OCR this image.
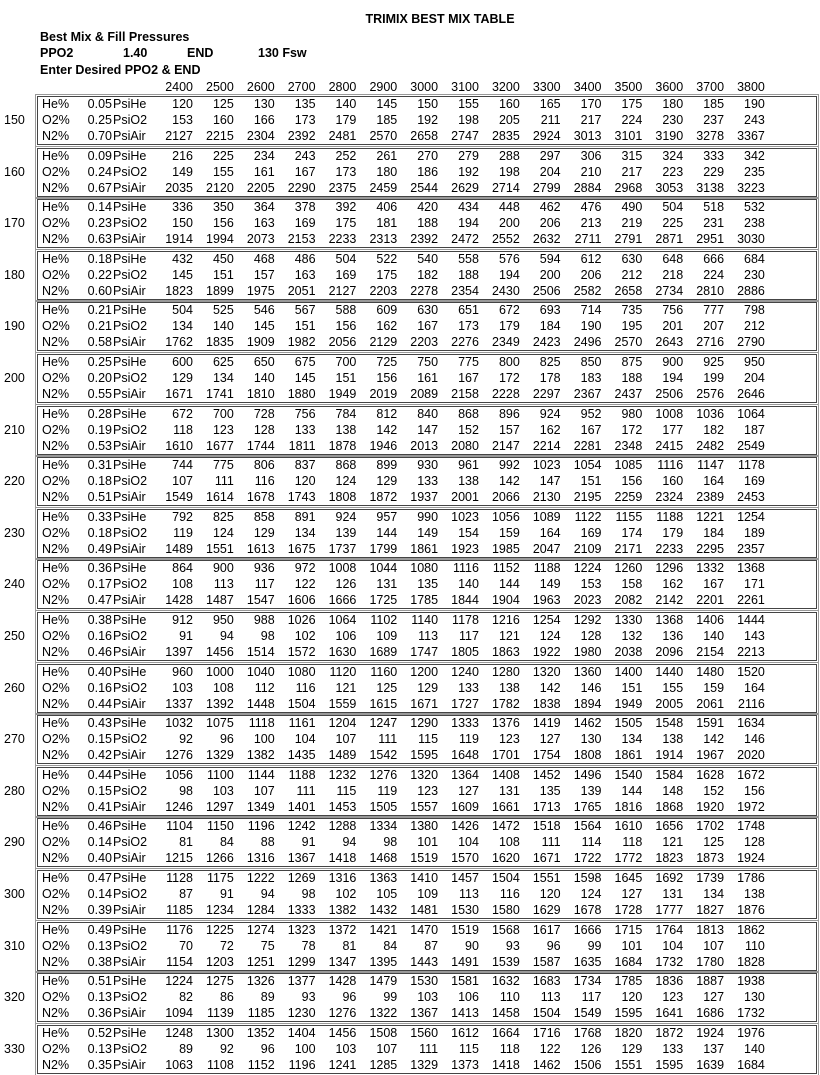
TRIMIX BEST MIX TABLE
Best Mix & Fill Pressures
PPO2	1.40	END	130 Fsw
Enter Desired PPO2 & END
2400 2500 2600 2700 2800 2900 3000 3100 3200 3300 3400 3500 3600 3700 3800
150
He%	0.05 PsiHe	120	125	130	135	140	145	150	155	160	165	170	175	180	185	190
O2%	0.25 PsiO2	153	160	166	173	179	185	192	198	205	211	217	224	230	237	243
N2%	0.70 PsiAir 2127 2215 2304 2392 2481 2570 2658 2747 2835 2924 3013 3101 3190 3278 3367
160
He%	0.09 PsiHe	216	225	234	243	252	261	270	279	288	297	306	315	324	333	342
O2%	0.24 PsiO2	149	155	161	167	173	180	186	192	198	204	210	217	223	229	235
N2%	0.67 PsiAir 2035 2120 2205 2290 2375 2459 2544 2629 2714 2799 2884 2968 3053 3138 3223
170
He%	0.14 PsiHe	336	350	364	378	392	406	420	434	448	462	476	490	504	518	532
O2%	0.23 PsiO2	150	156	163	169	175	181	188	194	200	206	213	219	225	231	238
N2%	0.63 PsiAir 1914 1994 2073 2153 2233 2313 2392 2472 2552 2632 2711 2791 2871 2951 3030
180
He%	0.18 PsiHe	432	450	468	486	504	522	540	558	576	594	612	630	648	666	684
O2%	0.22 PsiO2	145	151	157	163	169	175	182	188	194	200	206	212	218	224	230
N2%	0.60 PsiAir 1823 1899 1975 2051 2127 2203 2278 2354 2430 2506 2582 2658 2734 2810 2886
190
He%	0.21 PsiHe	504	525	546	567	588	609	630	651	672	693	714	735	756	777	798
O2%	0.21 PsiO2	134	140	145	151	156	162	167	173	179	184	190	195	201	207	212
N2%	0.58 PsiAir 1762 1835 1909 1982 2056 2129 2203 2276 2349 2423 2496 2570 2643 2716 2790
200
He%	0.25 PsiHe	600	625	650	675	700	725	750	775	800	825	850	875	900	925	950
O2%	0.20 PsiO2	129	134	140	145	151	156	161	167	172	178	183	188	194	199	204
N2%	0.55 PsiAir 1671 1741 1810 1880 1949 2019 2089 2158 2228 2297 2367 2437 2506 2576 2646
210
He%	0.28 PsiHe	672	700	728	756	784	812	840	868	896	924	952	980 1008 1036 1064
O2%	0.19 PsiO2	118	123	128	133	138	142	147	152	157	162	167	172	177	182	187
N2%	0.53 PsiAir 1610 1677 1744 1811 1878 1946 2013 2080 2147 2214 2281 2348 2415 2482 2549
220
He%	0.31 PsiHe	744	775	806	837	868	899	930	961	992 1023 1054 1085	1116 1147 1178
O2%	0.18 PsiO2	107	111	116	120	124	129	133	138	142	147	151	156	160	164	169
N2%	0.51 PsiAir 1549 1614 1678 1743 1808 1872 1937 2001 2066 2130 2195 2259 2324 2389 2453
230
He%	0.33 PsiHe	792	825	858	891	924	957	990 1023 1056 1089 1122 1155 1188 1221 1254
O2%	0.18 PsiO2	119	124	129	134	139	144	149	154	159	164	169	174	179	184	189
N2%	0.49 PsiAir 1489 1551 1613 1675 1737 1799 1861 1923 1985 2047 2109 2171 2233 2295 2357
240
He%	0.36 PsiHe	864	900	936	972 1008 1044 1080	1116 1152 1188 1224 1260 1296 1332 1368
O2%	0.17 PsiO2	108	113	117	122	126	131	135	140	144	149	153	158	162	167	171
N2%	0.47 PsiAir 1428 1487 1547 1606 1666 1725 1785 1844 1904 1963 2023 2082 2142 2201 2261
250
He%	0.38 PsiHe	912	950	988 1026 1064 1102 1140 1178 1216 1254 1292 1330 1368 1406 1444
O2%	0.16 PsiO2	91	94	98	102	106	109	113	117	121	124	128	132	136	140	143
N2%	0.46 PsiAir 1397 1456 1514 1572 1630 1689 1747 1805 1863 1922 1980 2038 2096 2154 2213
260
He%	0.40 PsiHe	960 1000 1040 1080 1120 1160 1200 1240 1280 1320 1360 1400 1440 1480 1520
O2%	0.16 PsiO2	103	108	112	116	121	125	129	133	138	142	146	151	155	159	164
N2%	0.44 PsiAir 1337 1392 1448 1504 1559 1615 1671 1727 1782 1838 1894 1949 2005 2061 2116
270
He%	0.43 PsiHe 1032 1075	1118 1161 1204 1247 1290 1333 1376 1419 1462 1505 1548 1591 1634
O2%	0.15 PsiO2	92	96	100	104	107	111	115	119	123	127	130	134	138	142	146
N2%	0.42 PsiAir 1276 1329 1382 1435 1489 1542 1595 1648 1701 1754 1808 1861 1914 1967 2020
280
He%	0.44 PsiHe 1056 1100 1144 1188 1232 1276 1320 1364 1408 1452 1496 1540 1584 1628 1672
O2%	0.15 PsiO2	98	103	107	111	115	119	123	127	131	135	139	144	148	152	156
N2%	0.41 PsiAir 1246 1297 1349 1401 1453 1505 1557 1609 1661 1713 1765 1816 1868 1920 1972
290
He%	0.46 PsiHe 1104 1150 1196 1242 1288 1334 1380 1426 1472 1518 1564 1610 1656 1702 1748
O2%	0.14 PsiO2	81	84	88	91	94	98	101	104	108	111	114	118	121	125	128
N2%	0.40 PsiAir 1215 1266 1316 1367 1418 1468 1519 1570 1620 1671 1722 1772 1823 1873 1924
300
He%	0.47 PsiHe 1128 1175 1222 1269 1316 1363 1410 1457 1504 1551 1598 1645 1692 1739 1786
O2%	0.14 PsiO2	87	91	94	98	102	105	109	113	116	120	124	127	131	134	138
N2%	0.39 PsiAir 1185 1234 1284 1333 1382 1432 1481 1530 1580 1629 1678 1728 1777 1827 1876
310
He%	0.49 PsiHe 1176 1225 1274 1323 1372 1421 1470 1519 1568 1617 1666 1715 1764 1813 1862
O2%	0.13 PsiO2	70	72	75	78	81	84	87	90	93	96	99	101	104	107	110
N2%	0.38 PsiAir 1154 1203 1251 1299 1347 1395 1443 1491 1539 1587 1635 1684 1732 1780 1828
320
He%	0.51 PsiHe 1224 1275 1326 1377 1428 1479 1530 1581 1632 1683 1734 1785 1836 1887 1938
O2%	0.13 PsiO2	82	86	89	93	96	99	103	106	110	113	117	120	123	127	130
N2%	0.36 PsiAir 1094 1139 1185 1230 1276 1322 1367 1413 1458 1504 1549 1595 1641 1686 1732
330
He%	0.52 PsiHe 1248 1300 1352 1404 1456 1508 1560 1612 1664 1716 1768 1820 1872 1924 1976
O2%	0.13 PsiO2	89	92	96	100	103	107	111	115	118	122	126	129	133	137	140
N2%	0.35 PsiAir 1063 1108 1152 1196 1241 1285 1329 1373 1418 1462 1506 1551 1595 1639 1684
